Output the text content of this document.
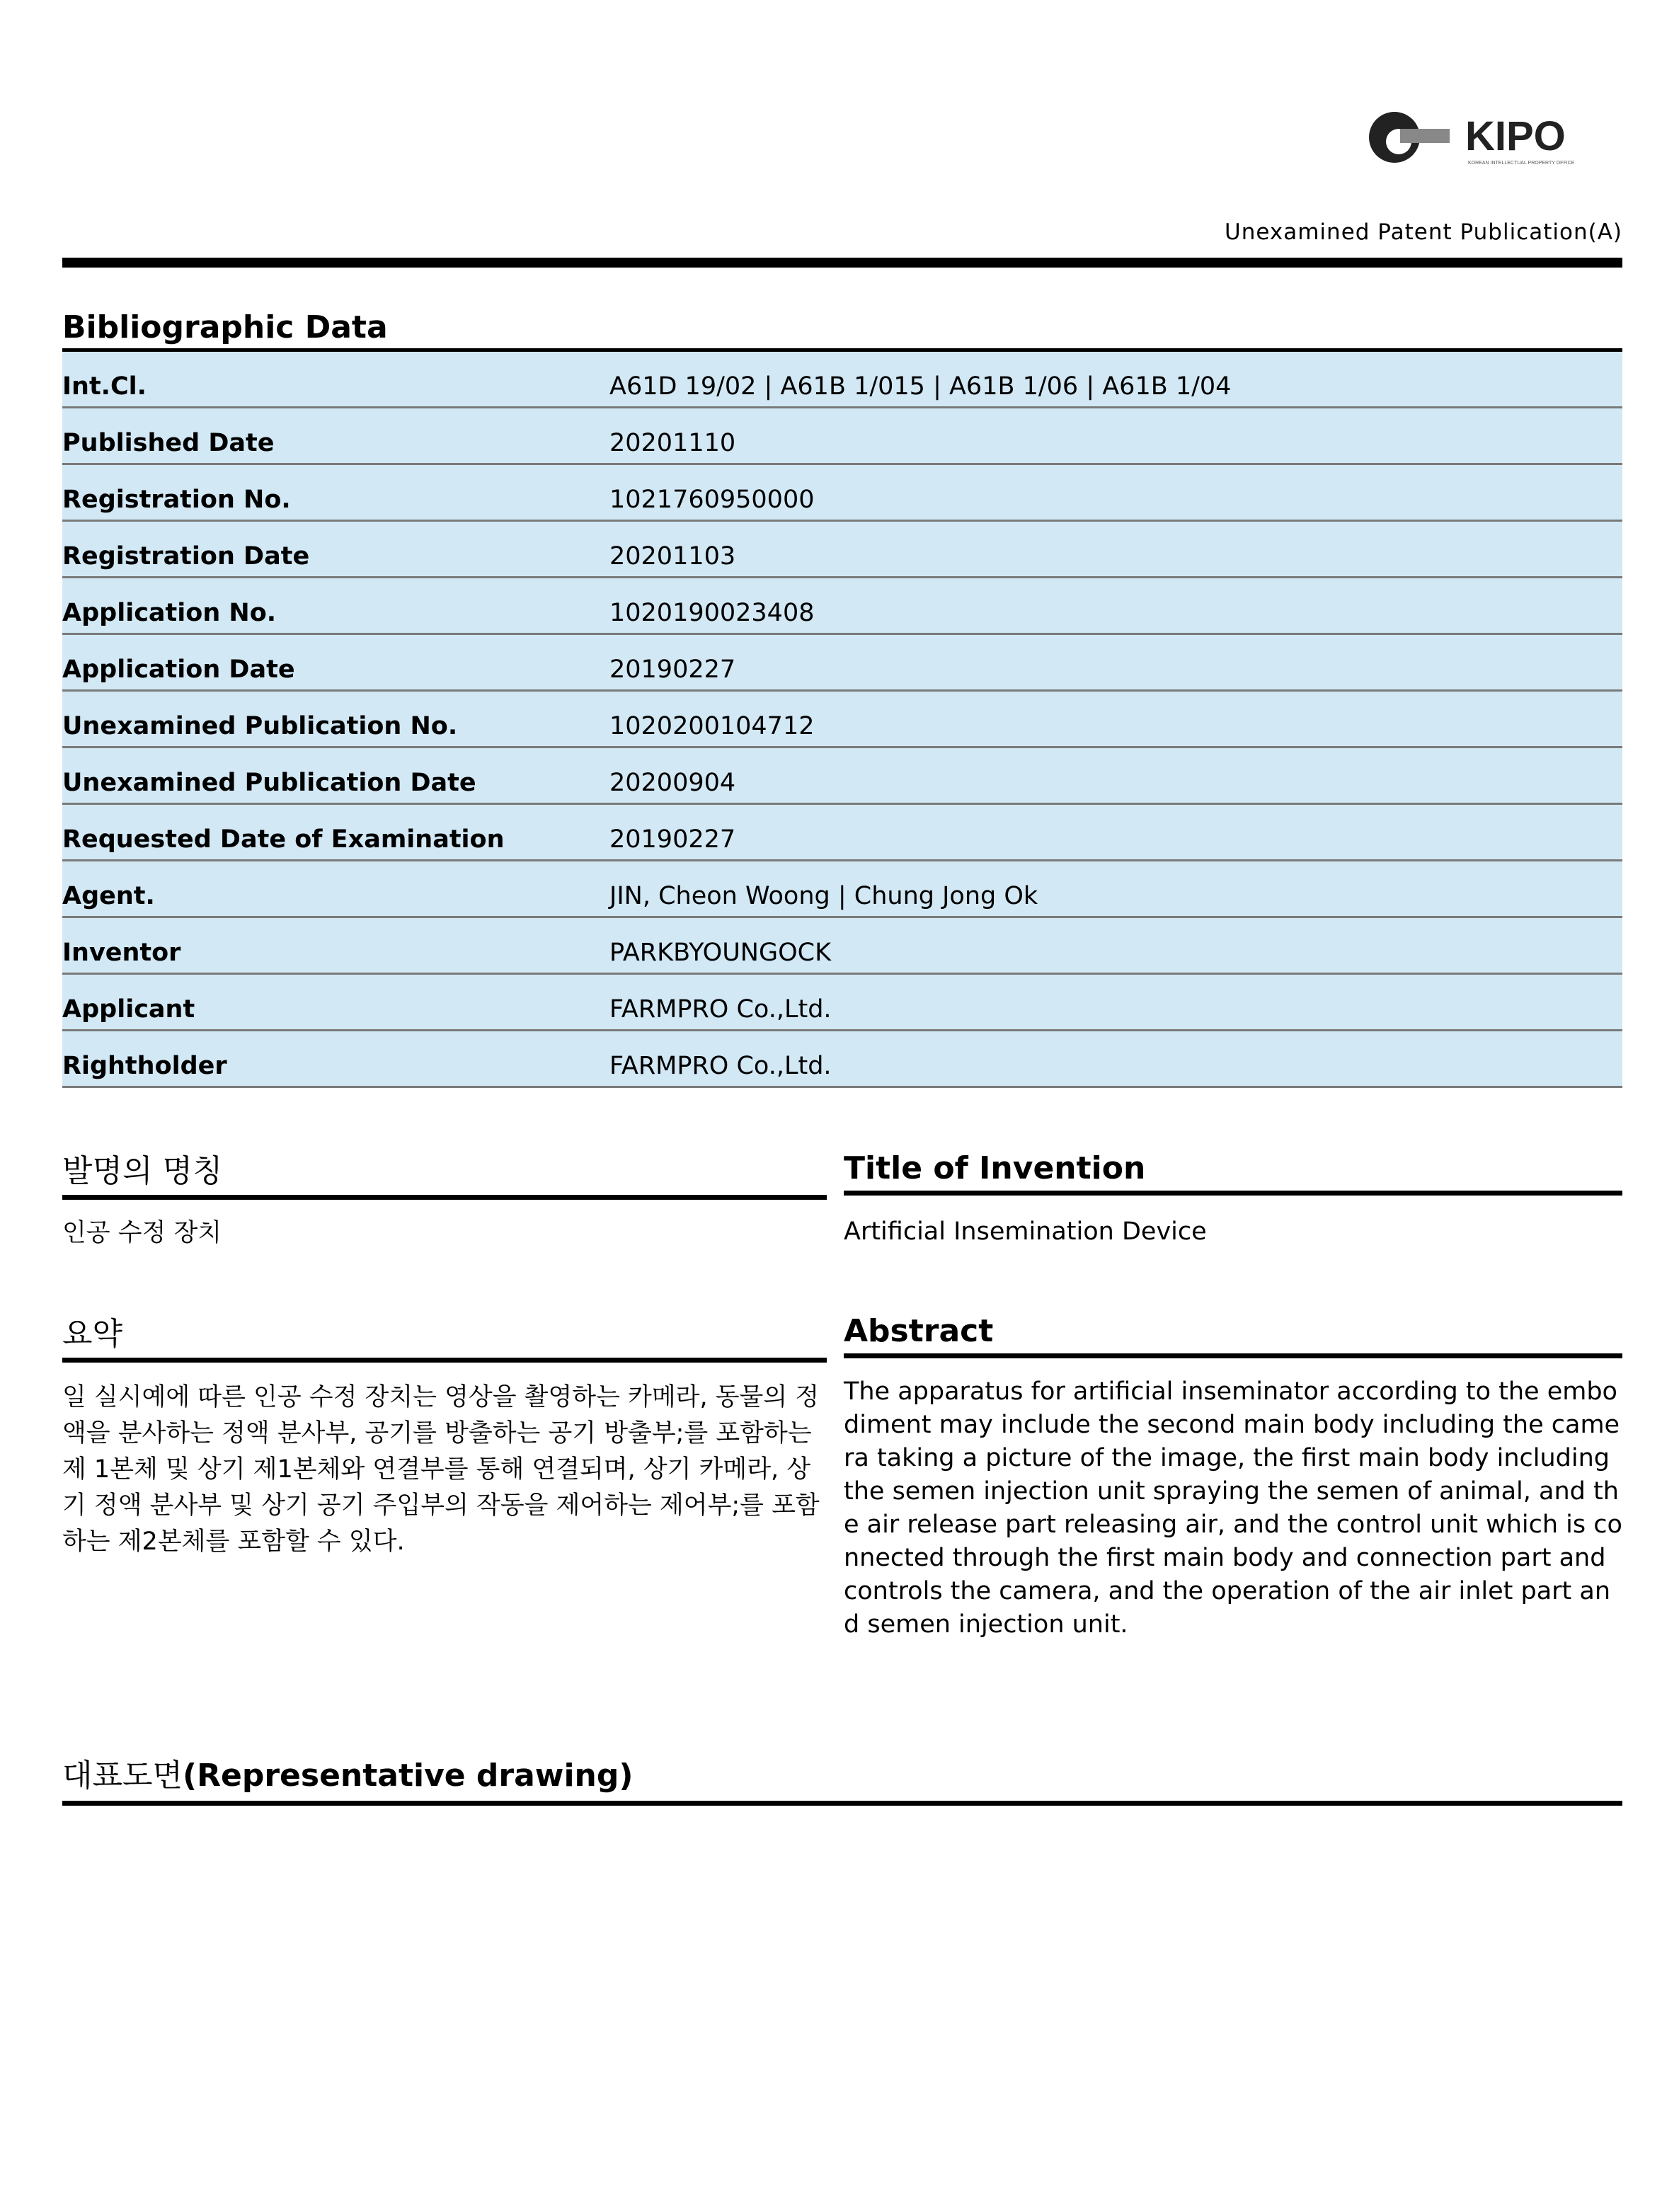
KIPO
KOREAN INTELLECTUAL PROPERTY OFFICE
Unexamined Patent Publication(A)
Bibliographic Data
Int.Cl.	A61D 19/02 | A61B 1/015 | A61B 1/06 | A61B 1/04
Published Date	20201110
Registration No.	1021760950000
Registration Date	20201103
Application No.	1020190023408
Application Date	20190227
Unexamined Publication No.	1020200104712
Unexamined Publication Date	20200904
Requested Date of Examination	20190227
Agent.	JIN, Cheon Woong | Chung Jong Ok
Inventor	PARKBYOUNGOCK
Applicant	FARMPRO Co.,Ltd.
Rightholder	FARMPRO Co.,Ltd.
발명의 명칭
인공 수정 장치
Title of Invention
Artificial Insemination Device
요약
일 실시예에 따른 인공 수정 장치는 영상을 촬영하는 카메라, 동물의 정액을 분사하는 정액 분사부, 공기를 방출하는 공기 방출부;를 포함하는 제 1본체 및 상기 제1본체와 연결부를 통해 연결되며, 상기 카메라, 상기 정액 분사부 및 상기 공기 주입부의 작동을 제어하는 제어부;를 포함하는 제2본체를 포함할 수 있다.
Abstract
The apparatus for artificial inseminator according to the embodiment may include the second main body including the camera taking a picture of the image, the first main body including the semen injection unit spraying the semen of animal, and the air release part releasing air, and the control unit which is connected through the first main body and connection part and controls the camera, and the operation of the air inlet part and semen injection unit.
대표도면(Representative drawing)
